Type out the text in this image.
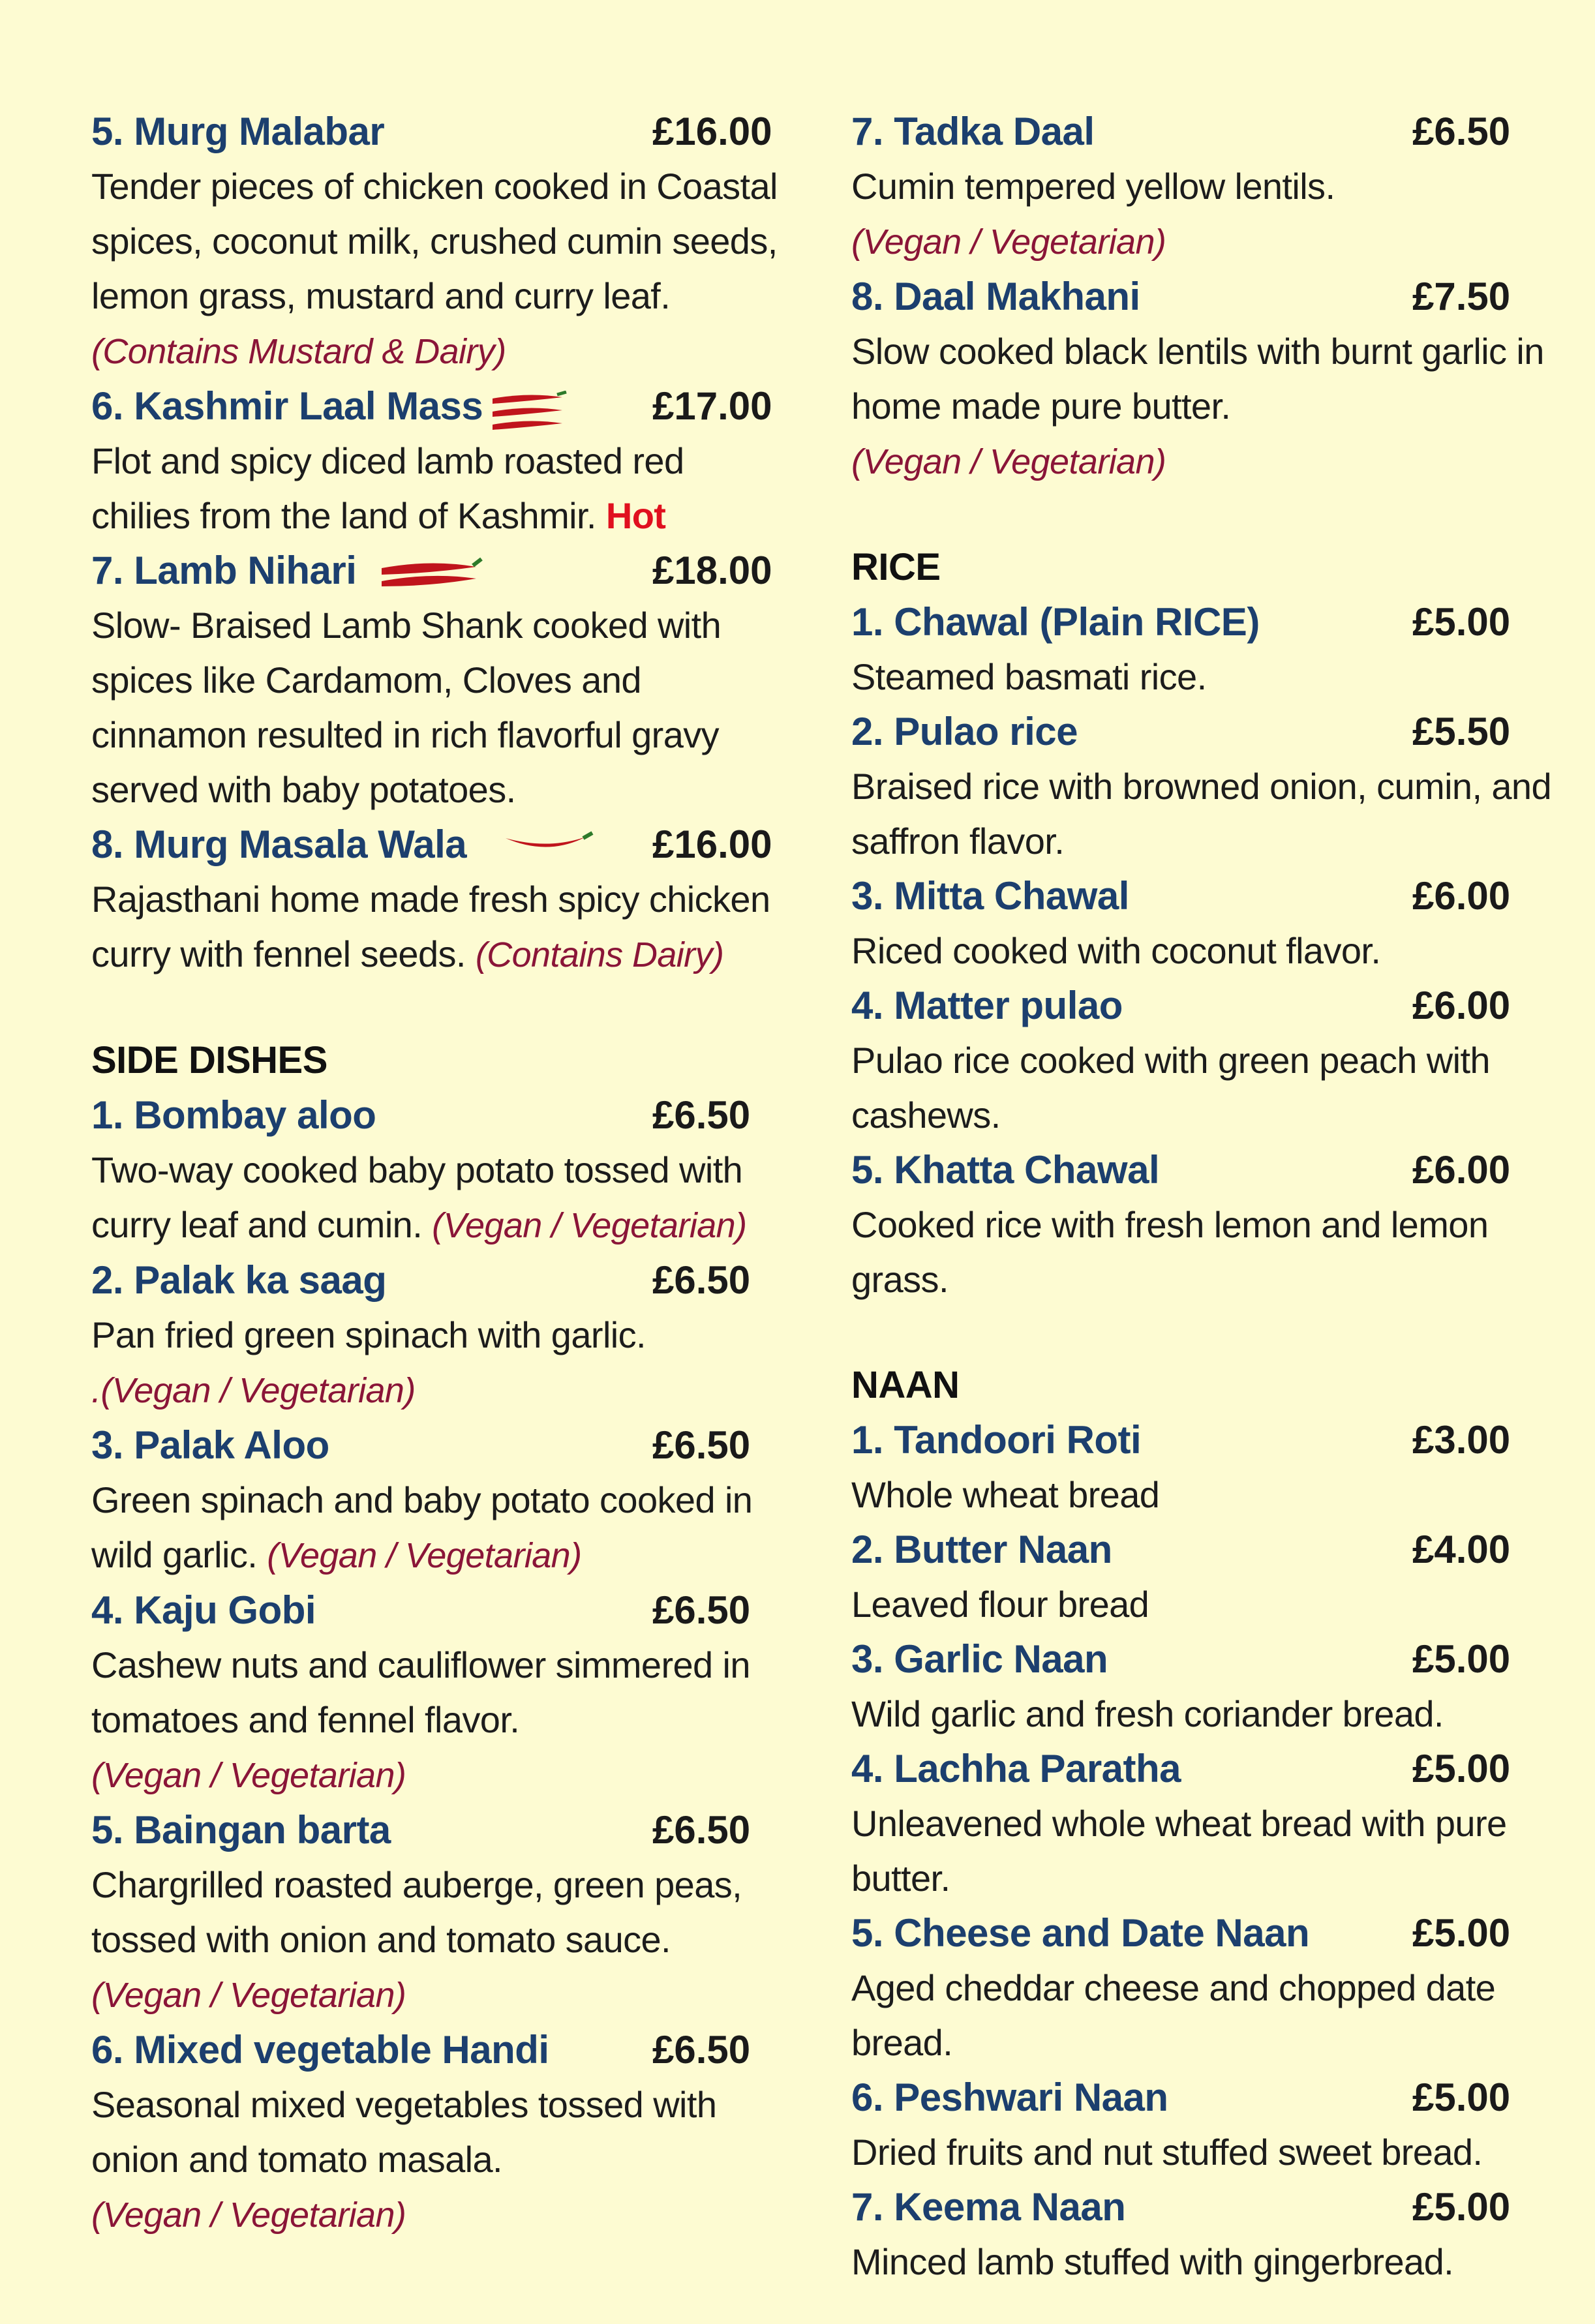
5. Murg Malabar	£16.00

Tender pieces of chicken cooked in Coastal spices, coconut milk, crushed cumin seeds, lemon grass, mustard and curry leaf.
(Contains Mustard & Dairy)

6. Kashmir Laal Mass	£17.00

Flot and spicy diced lamb roasted red chilies from the land of Kashmir. Hot

7. Lamb Nihari	£18.00

Slow- Braised Lamb Shank cooked with spices like Cardamom, Cloves and cinnamon resulted in rich flavorful gravy served with baby potatoes.

8. Murg Masala Wala	£16.00

Rajasthani home made fresh spicy chicken curry with fennel seeds. (Contains Dairy)

SIDE DISHES

1. Bombay aloo	£6.50

Two-way cooked baby potato tossed with curry leaf and cumin. (Vegan / Vegetarian)

2. Palak ka saag	£6.50

Pan fried green spinach with garlic.
.(Vegan / Vegetarian)

3. Palak Aloo	£6.50

Green spinach and baby potato cooked in wild garlic. (Vegan / Vegetarian)

4. Kaju Gobi	£6.50

Cashew nuts and cauliflower simmered in tomatoes and fennel flavor.
(Vegan / Vegetarian)

5. Baingan barta	£6.50

Chargrilled roasted auberge, green peas, tossed with onion and tomato sauce.
(Vegan / Vegetarian)

6. Mixed vegetable Handi	£6.50

Seasonal mixed vegetables tossed with onion and tomato masala.
(Vegan / Vegetarian)

7. Tadka Daal	£6.50

Cumin tempered yellow lentils.
(Vegan / Vegetarian)

8. Daal Makhani	£7.50

Slow cooked black lentils with burnt garlic in home made pure butter.
(Vegan / Vegetarian)

RICE

1. Chawal (Plain RICE)	£5.00

Steamed basmati rice.

2. Pulao rice	£5.50

Braised rice with browned onion, cumin, and saffron flavor.

3. Mitta Chawal	£6.00

Riced cooked with coconut flavor.

4. Matter pulao	£6.00

Pulao rice cooked with green peach with cashews.

5. Khatta Chawal	£6.00

Cooked rice with fresh lemon and lemon grass.

NAAN

1. Tandoori Roti	£3.00

Whole wheat bread

2. Butter Naan	£4.00

Leaved flour bread

3. Garlic Naan	£5.00

Wild garlic and fresh coriander bread.

4. Lachha Paratha	£5.00

Unleavened whole wheat bread with pure butter.

5. Cheese and Date Naan	£5.00

Aged cheddar cheese and chopped date bread.

6. Peshwari Naan	£5.00

Dried fruits and nut stuffed sweet bread.

7. Keema Naan	£5.00

Minced lamb stuffed with gingerbread.
